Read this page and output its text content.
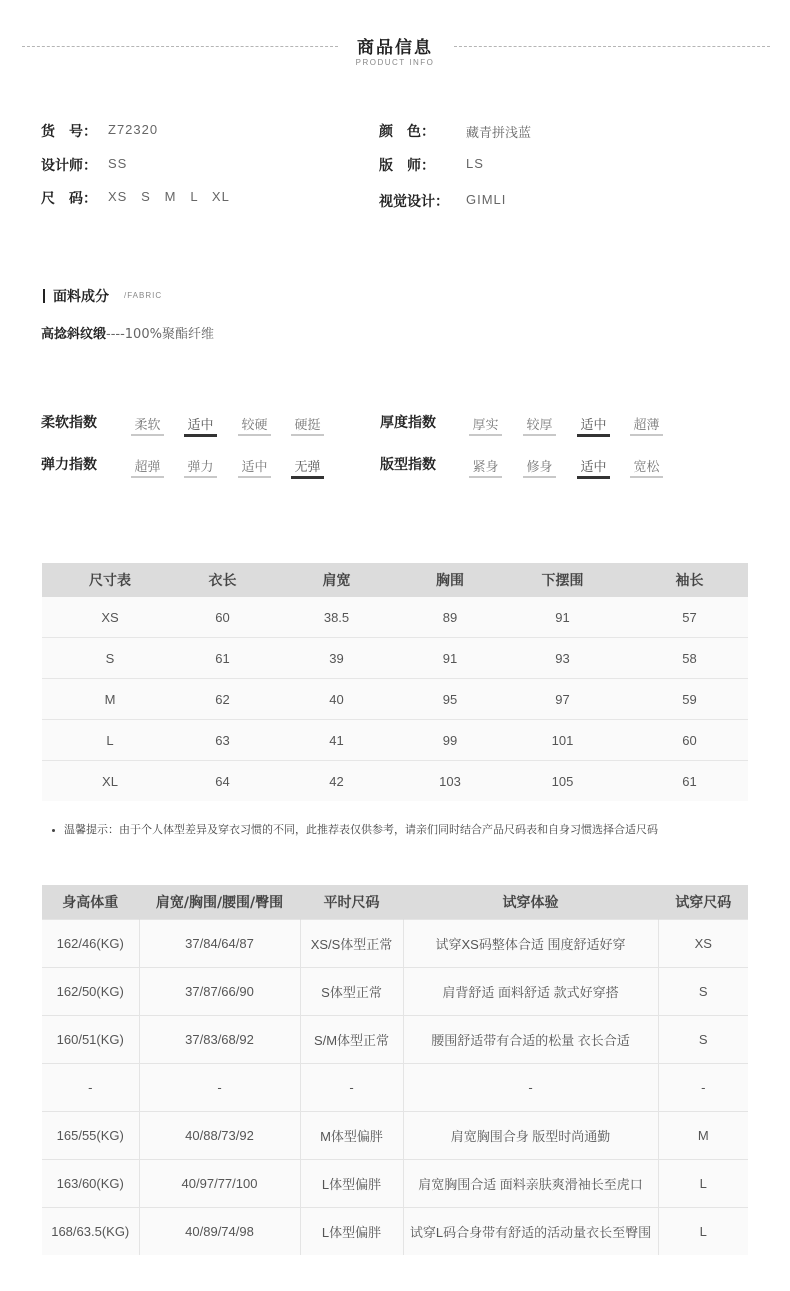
商品信息
PRODUCT INFO
货　号： Z72320
设计师： SS
尺　码： XS   S   M   L   XL
颜　色： 藏青拼浅蓝
版　师： LS
视觉设计： GIMLI
面料成分 /FABRIC
高捻斜纹缎----100%聚酯纤维
柔软指数	柔软 适中 较硬 硬挺
弹力指数	超弹 弹力 适中 无弹
厚度指数	厚实 较厚 适中 超薄
版型指数	紧身 修身 适中 宽松
尺寸表	衣长	肩宽	胸围	下摆围	袖长
XS	60	38.5	89	91	57
S	61	39	91	93	58
M	62	40	95	97	59
L	63	41	99	101	60
XL	64	42	103	105	61
温馨提示：由于个人体型差异及穿衣习惯的不同，此推荐表仅供参考，请亲们同时结合产品尺码表和自身习惯选择合适尺码
身高体重	肩宽/胸围/腰围/臀围	平时尺码	试穿体验	试穿尺码
162/46(KG)	37/84/64/87	XS/S体型正常	试穿XS码整体合适 围度舒适好穿	XS
162/50(KG)	37/87/66/90	S体型正常	肩背舒适 面料舒适 款式好穿搭	S
160/51(KG)	37/83/68/92	S/M体型正常	腰围舒适带有合适的松量 衣长合适	S
-	-	-	-	-
165/55(KG)	40/88/73/92	M体型偏胖	肩宽胸围合身 版型时尚通勤	M
163/60(KG)	40/97/77/100	L体型偏胖	肩宽胸围合适 面料亲肤爽滑袖长至虎口	L
168/63.5(KG)	40/89/74/98	L体型偏胖	试穿L码合身带有舒适的活动量衣长至臀围	L
